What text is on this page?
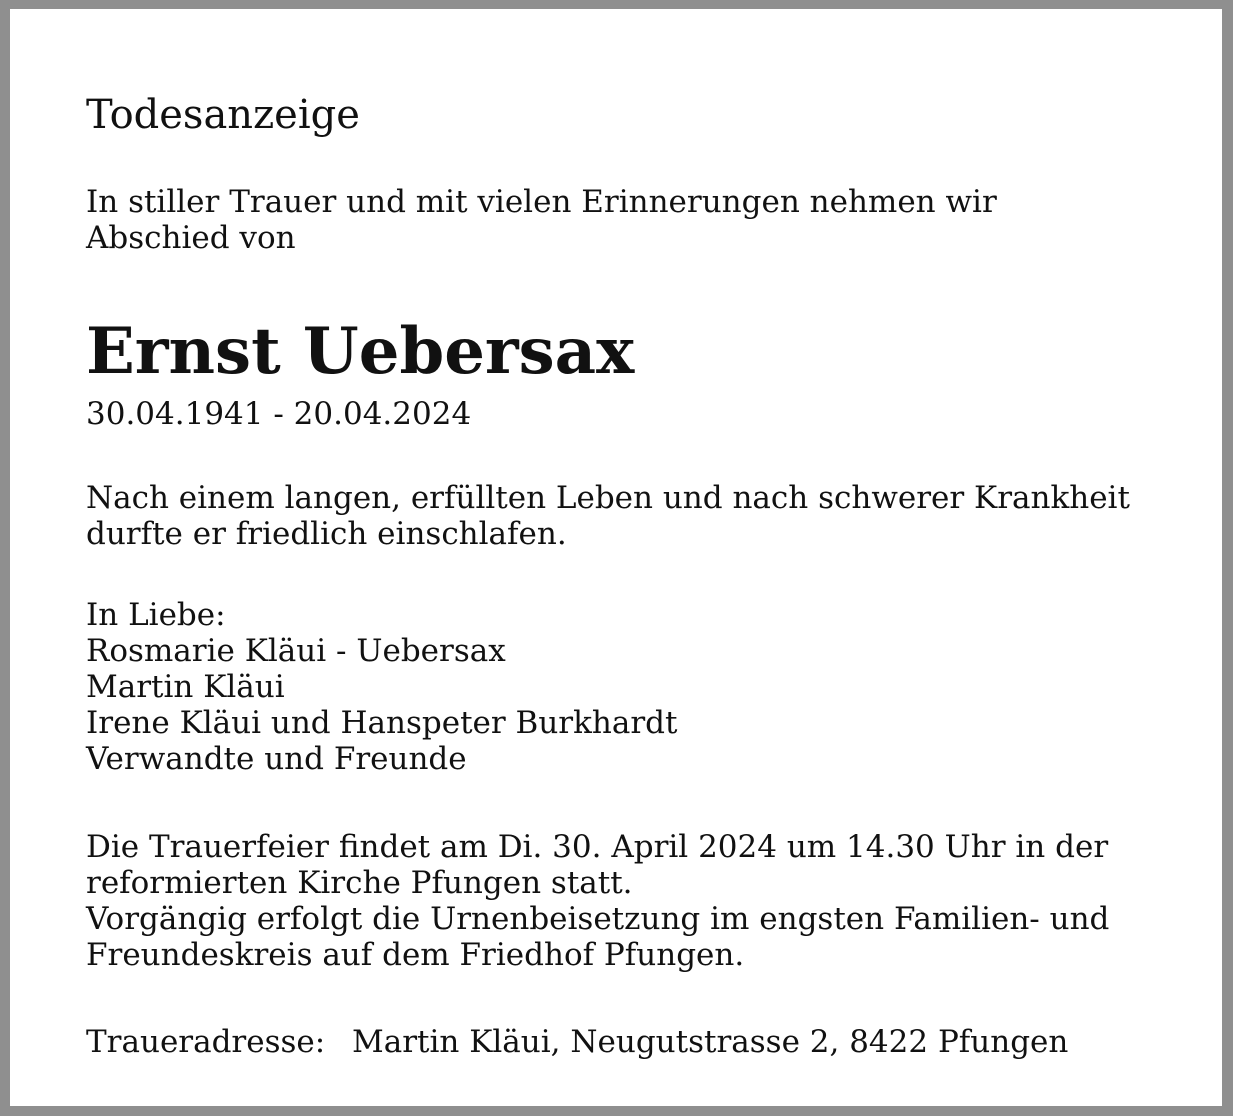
Todesanzeige
In stiller Trauer und mit vielen Erinnerungen nehmen wir
Abschied von
Ernst Uebersax
30.04.1941 - 20.04.2024
Nach einem langen, erfüllten Leben und nach schwerer Krankheit
durfte er friedlich einschlafen.
In Liebe:
Rosmarie Kläui - Uebersax
Martin Kläui
Irene Kläui und Hanspeter Burkhardt
Verwandte und Freunde
Die Trauerfeier findet am Di. 30. April 2024 um 14.30 Uhr in der
reformierten Kirche Pfungen statt.
Vorgängig erfolgt die Urnenbeisetzung im engsten Familien- und
Freundeskreis auf dem Friedhof Pfungen.
Traueradresse: Martin Kläui, Neugutstrasse 2, 8422 Pfungen
